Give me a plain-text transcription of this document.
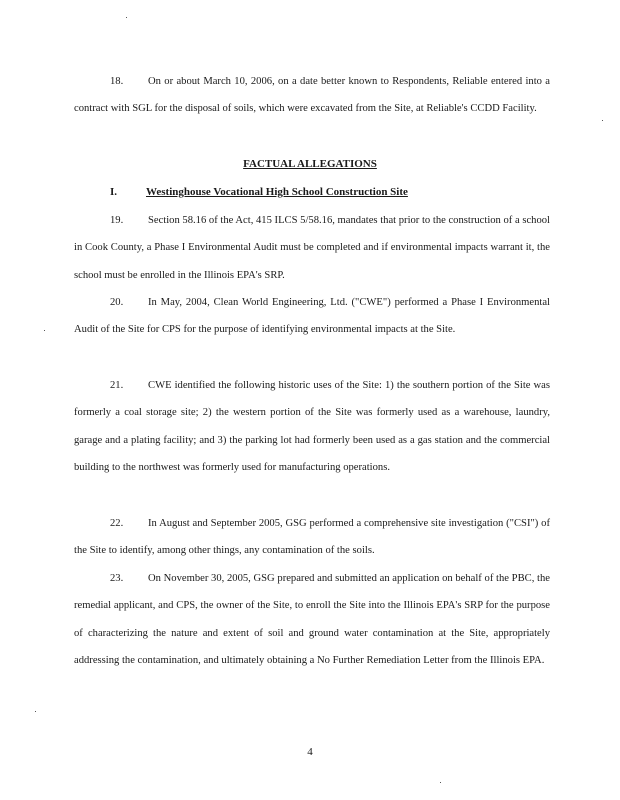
18. On or about March 10, 2006, on a date better known to Respondents, Reliable entered into a contract with SGL for the disposal of soils, which were excavated from the Site, at Reliable's CCDD Facility.

FACTUAL ALLEGATIONS

I.	Westinghouse Vocational High School Construction Site

19. Section 58.16 of the Act, 415 ILCS 5/58.16, mandates that prior to the construction of a school in Cook County, a Phase I Environmental Audit must be completed and if environmental impacts warrant it, the school must be enrolled in the Illinois EPA's SRP.

20. In May, 2004, Clean World Engineering, Ltd. ("CWE") performed a Phase I Environmental Audit of the Site for CPS for the purpose of identifying environmental impacts at the Site.

21. CWE identified the following historic uses of the Site: 1) the southern portion of the Site was formerly a coal storage site; 2) the western portion of the Site was formerly used as a warehouse, laundry, garage and a plating facility; and 3) the parking lot had formerly been used as a gas station and the commercial building to the northwest was formerly used for manufacturing operations.

22. In August and September 2005, GSG performed a comprehensive site investigation ("CSI") of the Site to identify, among other things, any contamination of the soils.

23. On November 30, 2005, GSG prepared and submitted an application on behalf of the PBC, the remedial applicant, and CPS, the owner of the Site, to enroll the Site into the Illinois EPA's SRP for the purpose of characterizing the nature and extent of soil and ground water contamination at the Site, appropriately addressing the contamination, and ultimately obtaining a No Further Remediation Letter from the Illinois EPA.

4
